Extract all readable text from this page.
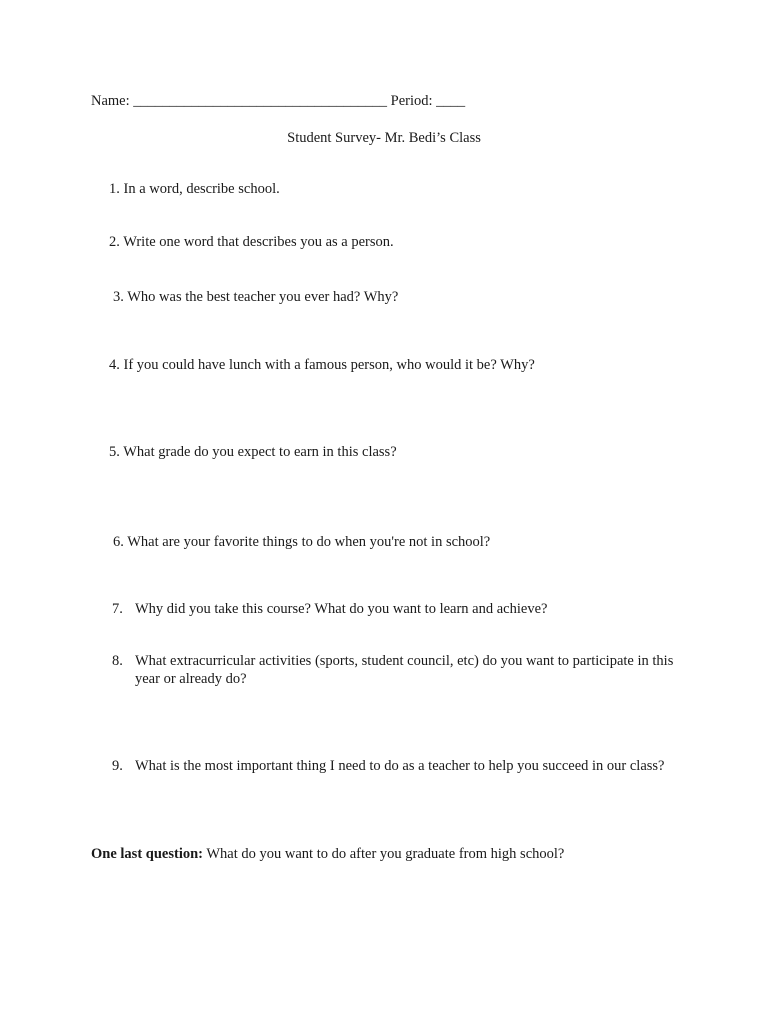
Name: ___________________________________ Period: ____
Student Survey- Mr. Bedi’s Class
1. In a word, describe school.
2. Write one word that describes you as a person.
3. Who was the best teacher you ever had? Why?
4. If you could have lunch with a famous person, who would it be? Why?
5. What grade do you expect to earn in this class?
6. What are your favorite things to do when you're not in school?
7. Why did you take this course? What do you want to learn and achieve?
8. What extracurricular activities (sports, student council, etc) do you want to participate in this year or already do?
9. What is the most important thing I need to do as a teacher to help you succeed in our class?
One last question: What do you want to do after you graduate from high school?
